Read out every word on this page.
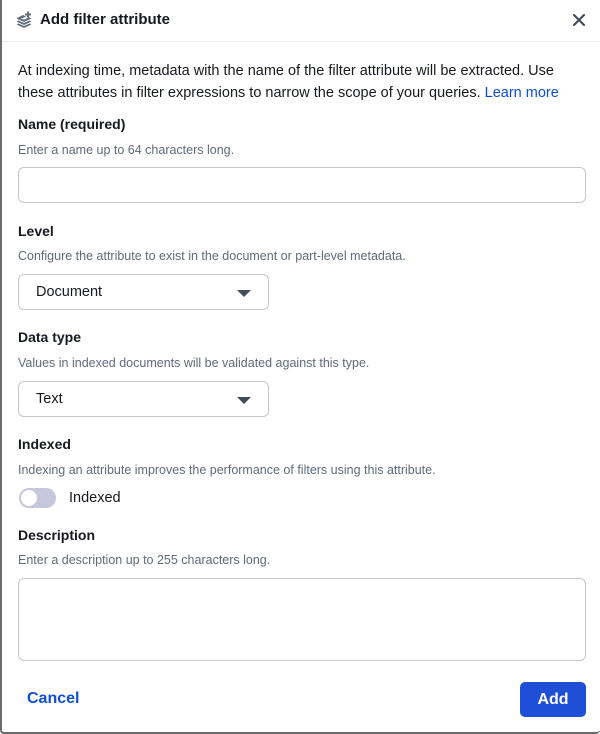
Add filter attribute
At indexing time, metadata with the name of the filter attribute will be extracted. Use these attributes in filter expressions to narrow the scope of your queries. Learn more
Name (required)
Enter a name up to 64 characters long.
Level
Configure the attribute to exist in the document or part-level metadata.
Document
Data type
Values in indexed documents will be validated against this type.
Text
Indexed
Indexing an attribute improves the performance of filters using this attribute.
Indexed
Description
Enter a description up to 255 characters long.
Cancel	Add
